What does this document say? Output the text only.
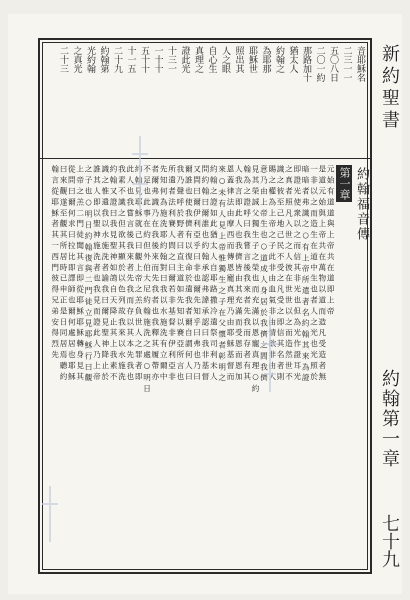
新約聖書
約翰第一章
七十九
音耶穌名
二三一一
五〇八日
二〇一約
那路加十
猶太人
約翰之
為耶那
耶穌世
照出其
人之眼
自心生
真理之
證此光
十三一
一十十
五十十
十一五
二十九
約翰第
光約翰
之真光
二十三
約翰福音傳
第一章
元始有道道與上帝共在道即上帝
是道元始與上帝共在萬物以道而造凡受造者無
一非以之而造生在道中生也者人之光也光照於
暗暗者弗識之○有上帝所遣者名約翰其來為證
即證光使衆以之而信其非光也但為光作證耳光
之真者照凡入世之人彼在世世以之而造然世不
識之彼至己地己民不受之凡受之即信其名者則
賜之權為上帝之子此非由血氣非由情欲非由人
意乃由上帝生也○道成人身居於我儕之間我儕
見其榮誠父獨生子之榮也而充滿以恩寵真理○約
翰為之證呼曰我嘗言後我來者先我而存者有其
人我言即此人也我儕皆由其充滿而受恩而恩加
恩蓋律法由摩西而傳恩寵真理乃由耶穌基督而
來○未有人見上帝惟獨生之子在父懷者彰明之
約翰之證如此猶太人自耶路撒冷遣祭司利未人
問約翰曰爾誰也約翰承認弗諱承認曰我非基督
又問曰爾伊利亞乎曰非也爾先知乎曰弗也乃曰
爾誰也使我儕有以復命於遣我者爾自謂何人曰
我乃聲呼於野者曰直主道如先知以賽亞所言也
所遣者法利賽人問之曰爾若非基督非伊利亞非
先知何為施洗耶約翰對曰我以水施洗有立爾中
者爾弗識乃在我後來而先我者也我釋其履帶亦
不足也此事在約但外伯大尼約翰施洗之處○明日
約翰見耶穌就己曰觀上帝之羔負世人之罪者即
此人也我嘗言後我來者先我而存以其本先我也
我素不識之但欲其顯於以色列故我來以水施洗
約翰又證曰我見聖神如鴿自天降止其上我素不
識之惟遣我以水施洗者諭我曰爾見聖神降止於
誰其人即以聖神施洗者也我見而證此人乃上帝
之子也○明日約翰復與二門徒立見耶穌行曰觀
上帝之羔二門徒聞其言即從耶穌耶穌轉身見其
從問曰爾何求曰拉比即譯師也爾何處居也耶穌
曰來觀遂至觀其所居時已申正是日同居焉聽約
翰言從耶穌者其一西門彼得兄弟安得烈先
